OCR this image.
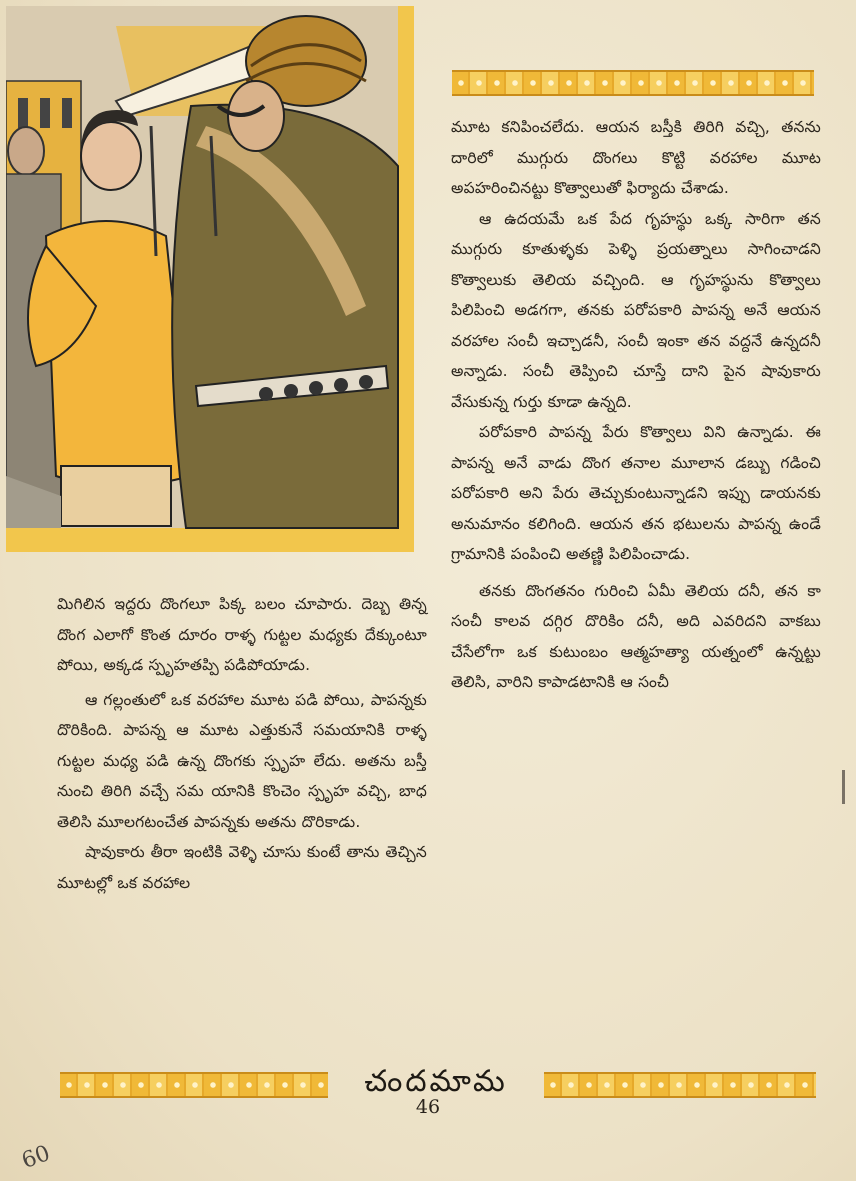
మూట కనిపించలేదు. ఆయన బస్తీకి తిరిగి వచ్చి, తనను దారిలో ముగ్గురు దొంగలు కొట్టి వరహాల మూట అపహరించినట్టు కొత్వాలుతో ఫిర్యాదు చేశాడు.

ఆ ఉదయమే ఒక పేద గృహస్థు ఒక్క సారిగా తన ముగ్గురు కూతుళ్ళకు పెళ్ళి ప్రయత్నాలు సాగించాడని కొత్వాలుకు తెలియ వచ్చింది. ఆ గృహస్థును కొత్వాలు పిలిపించి అడగగా, తనకు పరోపకారి పాపన్న అనే ఆయన వరహాల సంచీ ఇచ్చాడనీ, సంచీ ఇంకా తన వద్దనే ఉన్నదనీ అన్నాడు. సంచీ తెప్పించి చూస్తే దాని పైన షావుకారు వేసుకున్న గుర్తు కూడా ఉన్నది.

పరోపకారి పాపన్న పేరు కొత్వాలు విని ఉన్నాడు. ఈ పాపన్న అనే వాడు దొంగ తనాల మూలాన డబ్బు గడించి పరోపకారి అని పేరు తెచ్చుకుంటున్నాడని ఇప్పు డాయనకు అనుమానం కలిగింది. ఆయన తన భటులను పాపన్న ఉండే గ్రామానికి పంపించి అతణ్ణి పిలిపించాడు.

తనకు దొంగతనం గురించి ఏమీ తెలియ దనీ, తన కా సంచీ కాలవ దగ్గిర దొరికిం దనీ, అది ఎవరిదని వాకబు చేసేలోగా ఒక కుటుంబం ఆత్మహత్యా యత్నంలో ఉన్నట్టు తెలిసి, వారిని కాపాడటానికి ఆ సంచీ

మిగిలిన ఇద్దరు దొంగలూ పిక్క బలం చూపారు. దెబ్బ తిన్న దొంగ ఎలాగో కొంత దూరం రాళ్ళ గుట్టల మధ్యకు దేక్కుంటూ పోయి, అక్కడ స్పృహతప్పి పడిపోయాడు.

ఆ గల్లంతులో ఒక వరహాల మూట పడి పోయి, పాపన్నకు దొరికింది. పాపన్న ఆ మూట ఎత్తుకునే సమయానికి రాళ్ళ గుట్టల మధ్య పడి ఉన్న దొంగకు స్పృహ లేదు. అతను బస్తీ నుంచి తిరిగి వచ్చే సమ యానికి కొంచెం స్పృహ వచ్చి, బాధ తెలిసి మూలగటంచేత పాపన్నకు అతను దొరికాడు.

షావుకారు తీరా ఇంటికి వెళ్ళి చూసు కుంటే తాను తెచ్చిన మూటల్లో ఒక వరహాల

చందమామ
46
60
